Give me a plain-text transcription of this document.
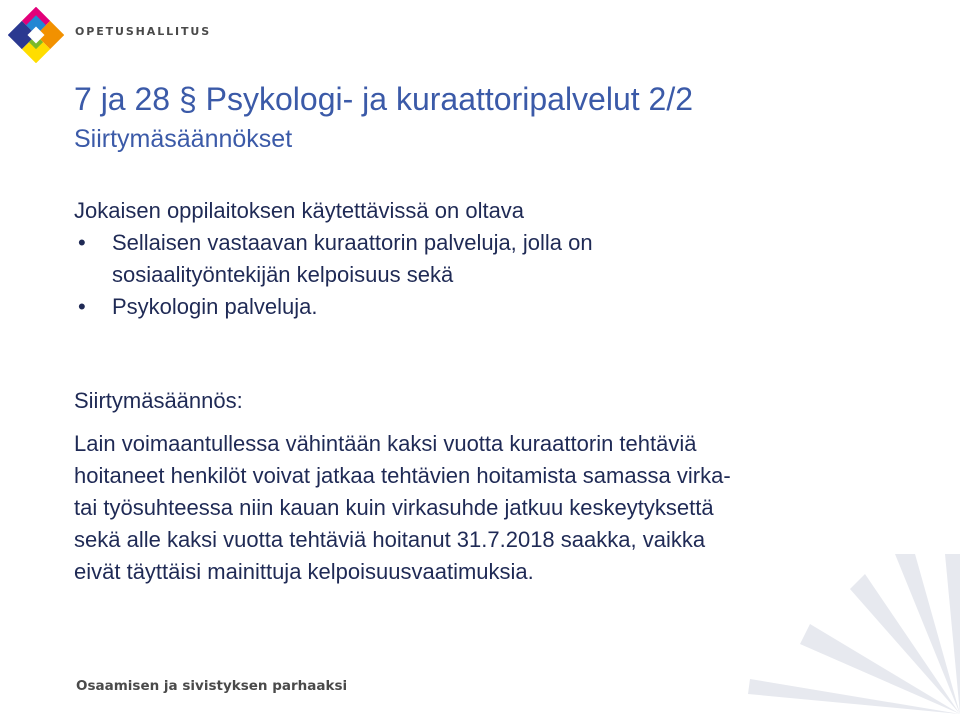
OPETUSHALLITUS
7 ja 28 § Psykologi- ja kuraattoripalvelut 2/2
Siirtymäsäännökset

Jokaisen oppilaitoksen käytettävissä on oltava

• Sellaisen vastaavan kuraattorin palveluja, jolla on
sosiaalityöntekijän kelpoisuus sekä
• Psykologin palveluja.

Siirtymäsäännös:

Lain voimaantullessa vähintään kaksi vuotta kuraattorin tehtäviä
hoitaneet henkilöt voivat jatkaa tehtävien hoitamista samassa virka-
tai työsuhteessa niin kauan kuin virkasuhde jatkuu keskeytyksettä
sekä alle kaksi vuotta tehtäviä hoitanut 31.7.2018 saakka, vaikka
eivät täyttäisi mainittuja kelpoisuusvaatimuksia.

Osaamisen ja sivistyksen parhaaksi
